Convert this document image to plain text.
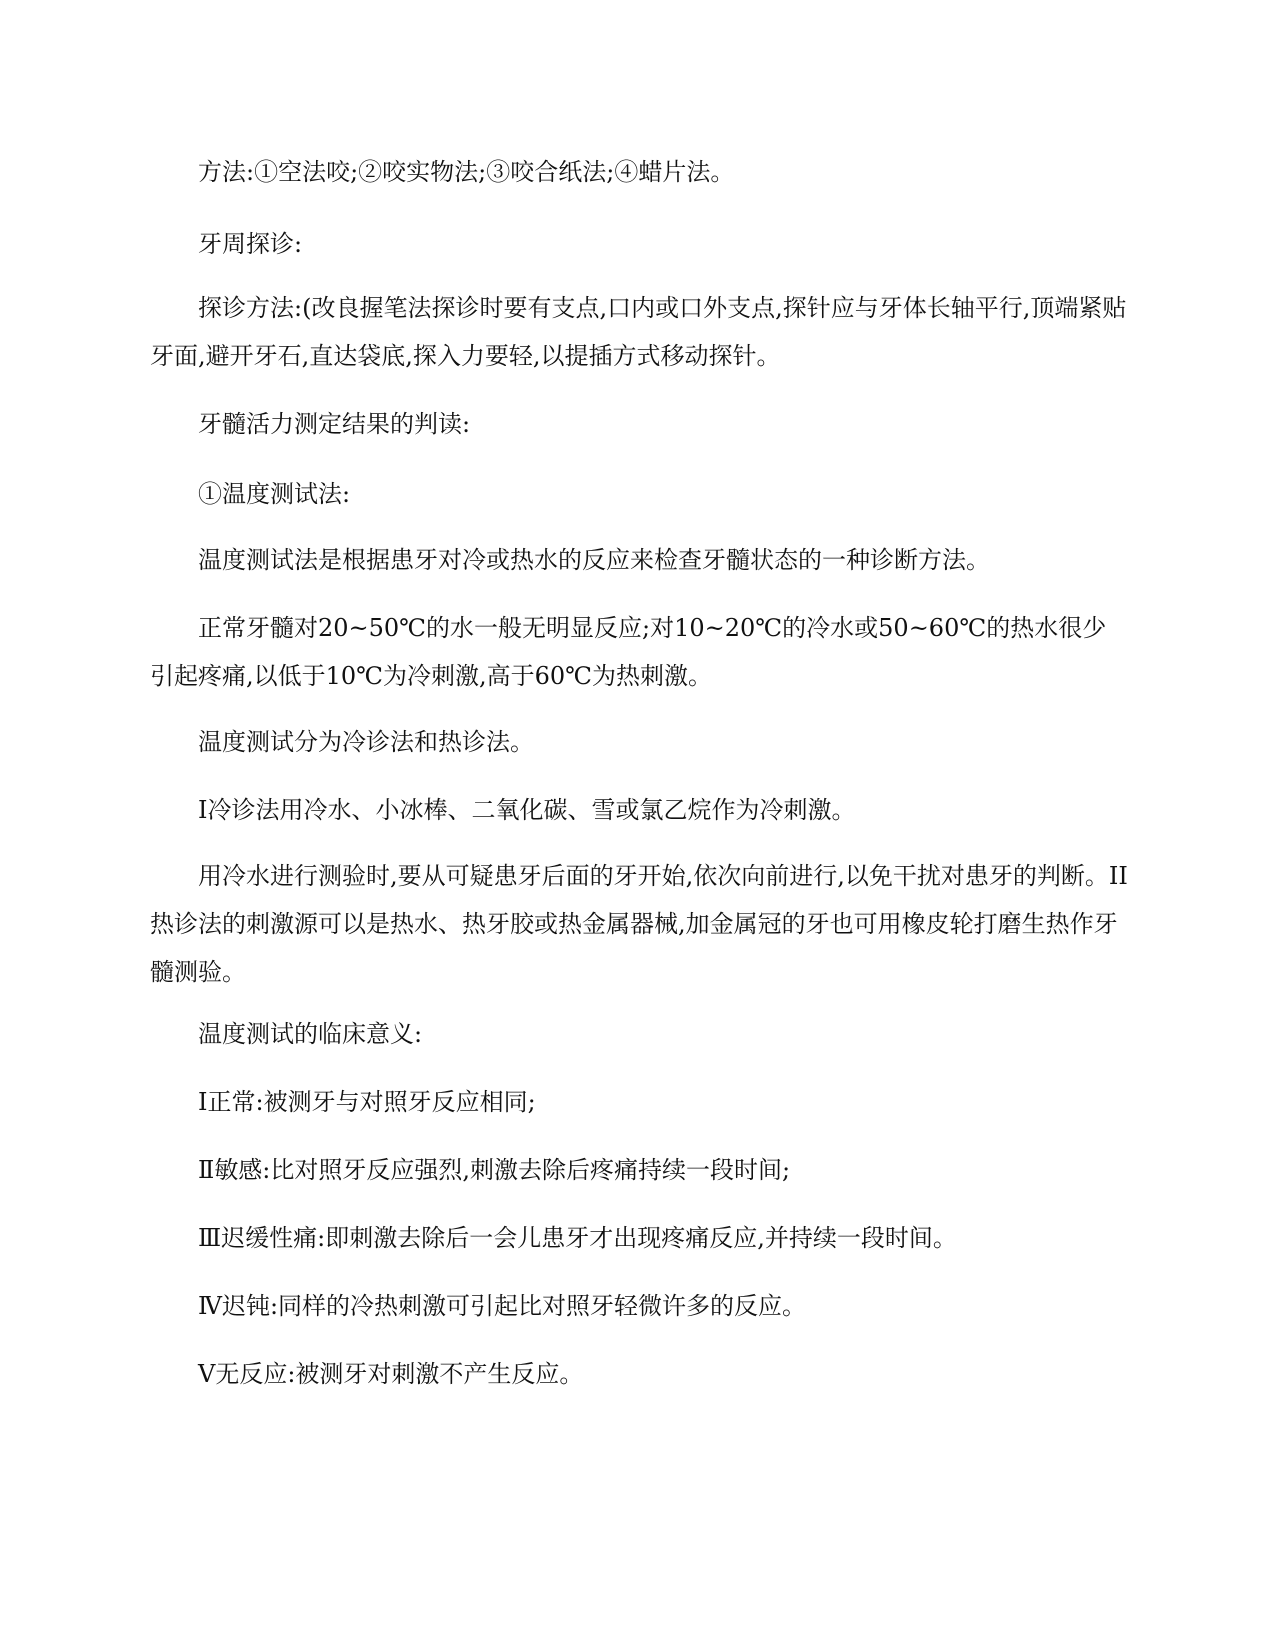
方法:①空法咬;②咬实物法;③咬合纸法;④蜡片法。

牙周探诊:

探诊方法:(改良握笔法探诊时要有支点,口内或口外支点,探针应与牙体长轴平行,顶端紧贴牙面,避开牙石,直达袋底,探入力要轻,以提插方式移动探针。

牙髓活力测定结果的判读:

①温度测试法:

温度测试法是根据患牙对冷或热水的反应来检查牙髓状态的一种诊断方法。

正常牙髓对20~50℃的水一般无明显反应;对10~20℃的冷水或50~60℃的热水很少引起疼痛,以低于10℃为冷刺激,高于60℃为热刺激。

温度测试分为冷诊法和热诊法。

I冷诊法用冷水、小冰棒、二氧化碳、雪或氯乙烷作为冷刺激。

用冷水进行测验时,要从可疑患牙后面的牙开始,依次向前进行,以免干扰对患牙的判断。II热诊法的刺激源可以是热水、热牙胶或热金属器械,加金属冠的牙也可用橡皮轮打磨生热作牙髓测验。

温度测试的临床意义:

Ⅰ正常:被测牙与对照牙反应相同;

Ⅱ敏感:比对照牙反应强烈,刺激去除后疼痛持续一段时间;

Ⅲ迟缓性痛:即刺激去除后一会儿患牙才出现疼痛反应,并持续一段时间。

Ⅳ迟钝:同样的冷热刺激可引起比对照牙轻微许多的反应。

Ⅴ无反应:被测牙对刺激不产生反应。
